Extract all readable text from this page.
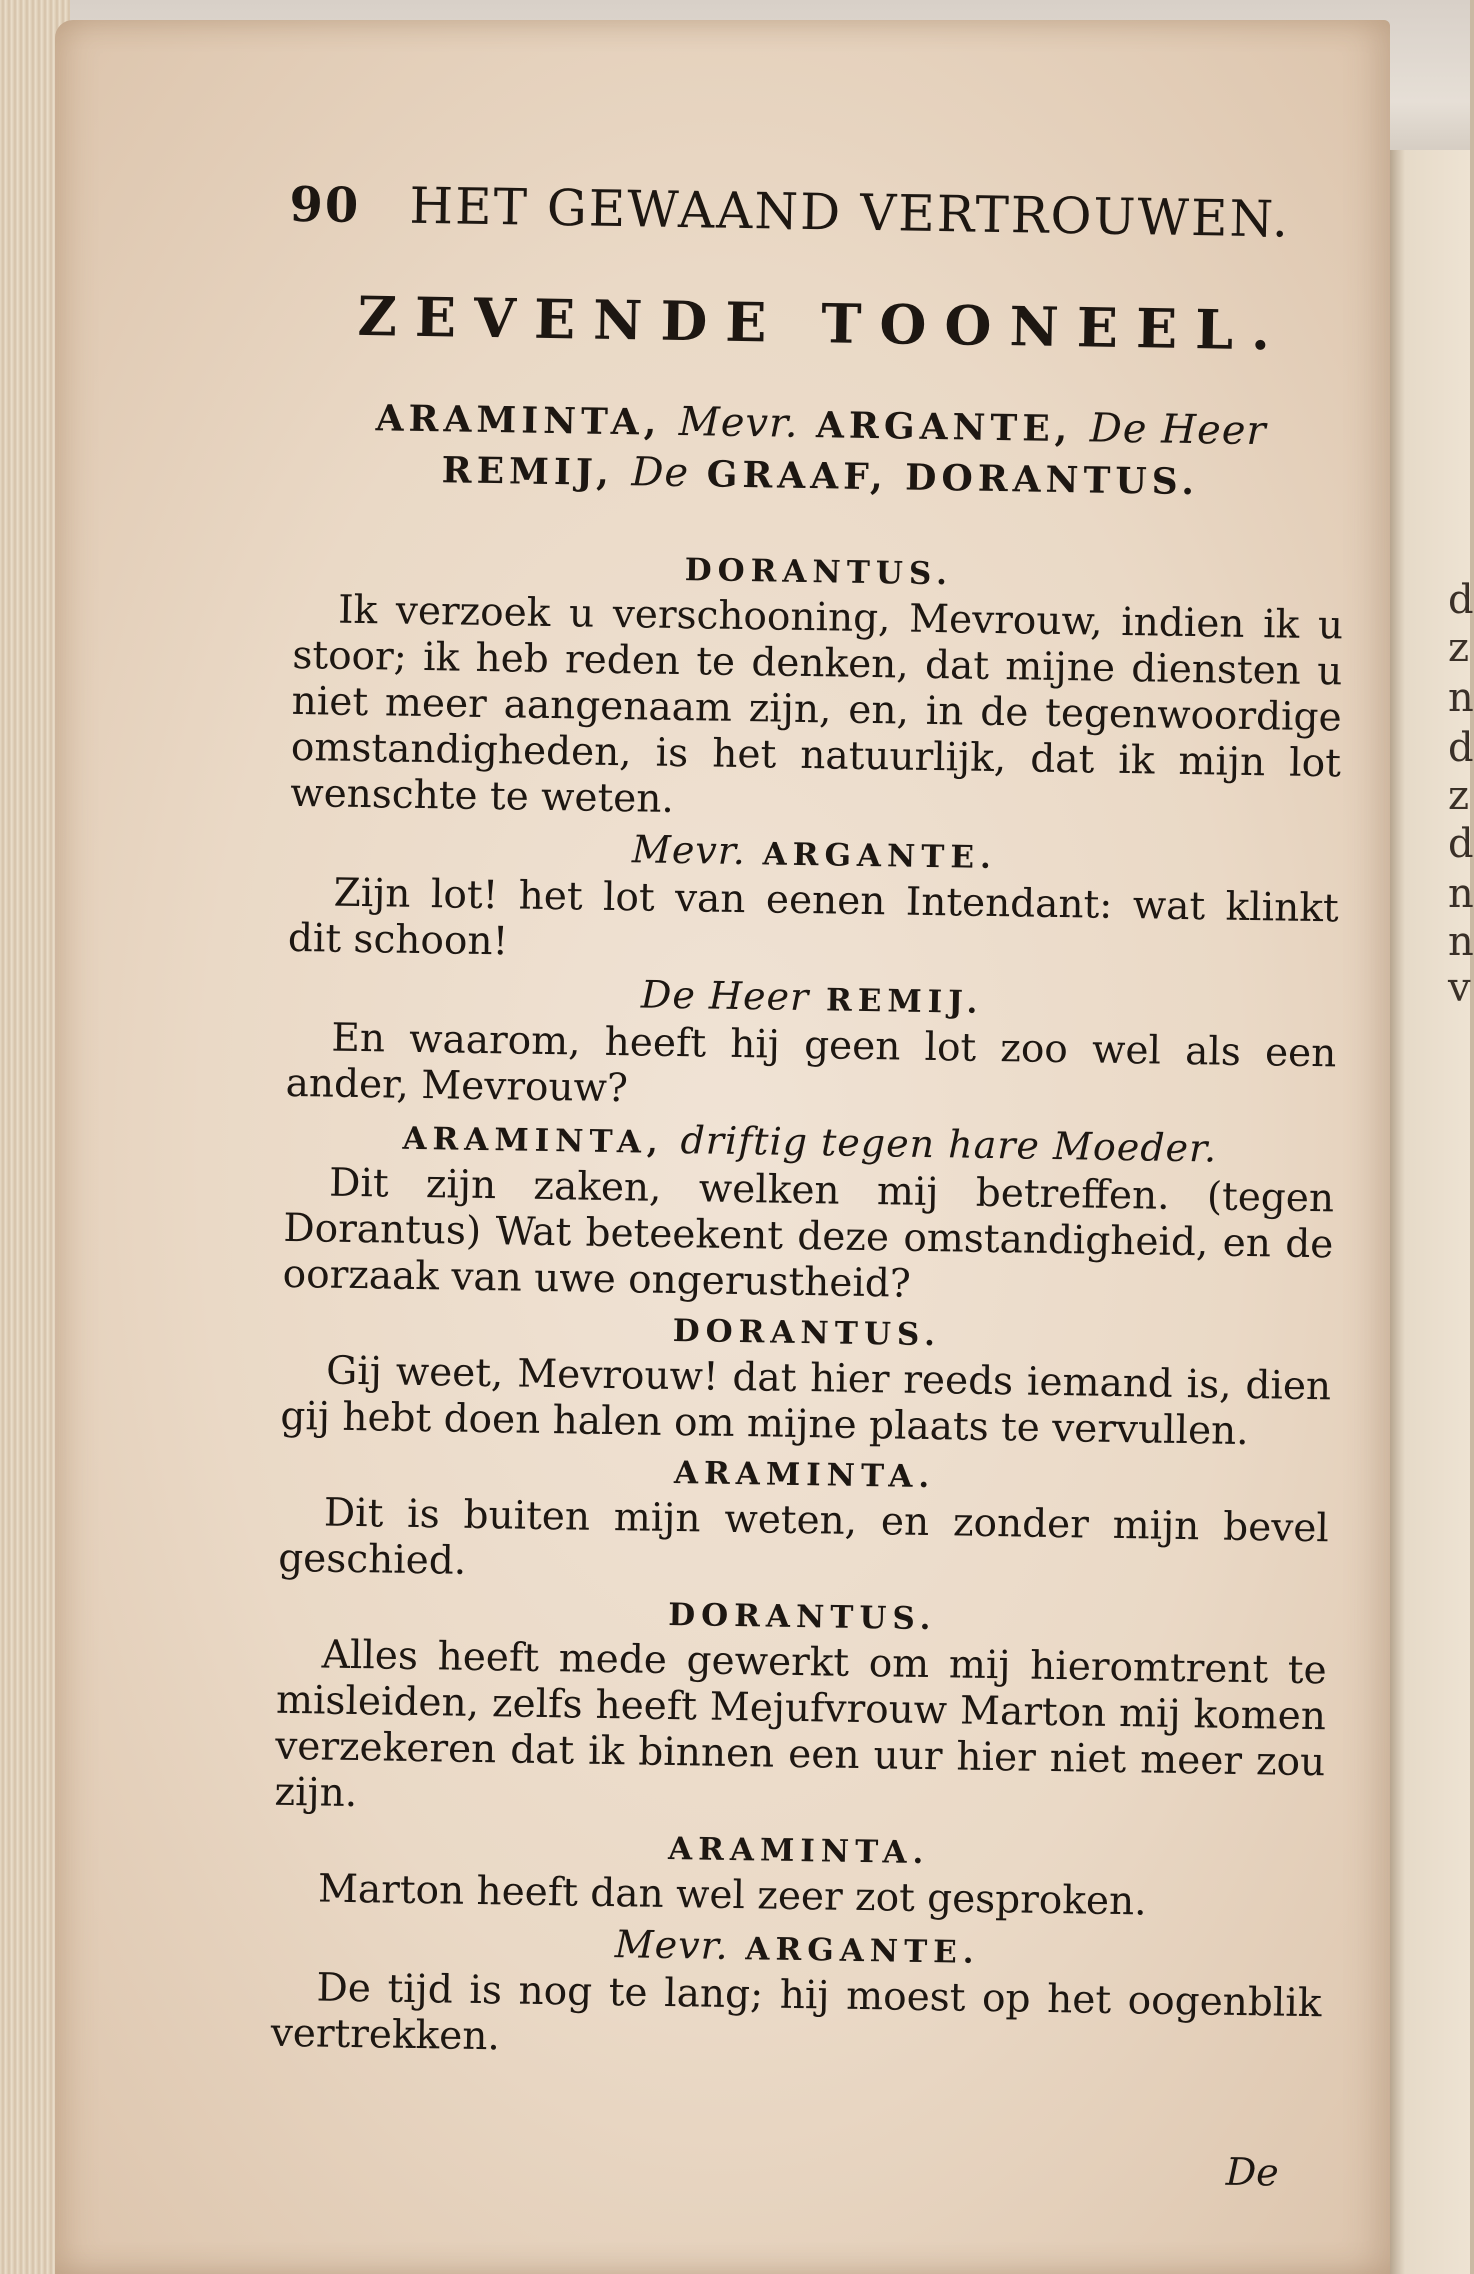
d
z
n
d
z
d
n
n
v
90 HET GEWAAND VERTROUWEN.
ZEVENDE TOONEEL.
ARAMINTA, Mevr. ARGANTE, De Heer
REMIJ, De GRAAF, DORANTUS.
DORANTUS.
Ik verzoek u verschooning, Mevrouw, indien ik u stoor; ik heb reden te denken, dat mijne diensten u niet meer aangenaam zijn, en, in de tegenwoordige omstandigheden, is het natuurlijk, dat ik mijn lot wenschte te weten.
Mevr. ARGANTE.
Zijn lot! het lot van eenen Intendant: wat klinkt dit schoon!
De Heer REMIJ.
En waarom, heeft hij geen lot zoo wel als een ander, Mevrouw?
ARAMINTA, driftig tegen hare Moeder.
Dit zijn zaken, welken mij betreffen. (tegen Dorantus) Wat beteekent deze omstandigheid, en de oorzaak van uwe ongerustheid?
DORANTUS.
Gij weet, Mevrouw! dat hier reeds iemand is, dien gij hebt doen halen om mijne plaats te vervullen.
ARAMINTA.
Dit is buiten mijn weten, en zonder mijn bevel geschied.
DORANTUS.
Alles heeft mede gewerkt om mij hieromtrent te misleiden, zelfs heeft Mejufvrouw Marton mij komen verzekeren dat ik binnen een uur hier niet meer zou zijn.
ARAMINTA.
Marton heeft dan wel zeer zot gesproken.
Mevr. ARGANTE.
De tijd is nog te lang; hij moest op het oogenblik vertrekken.
De
